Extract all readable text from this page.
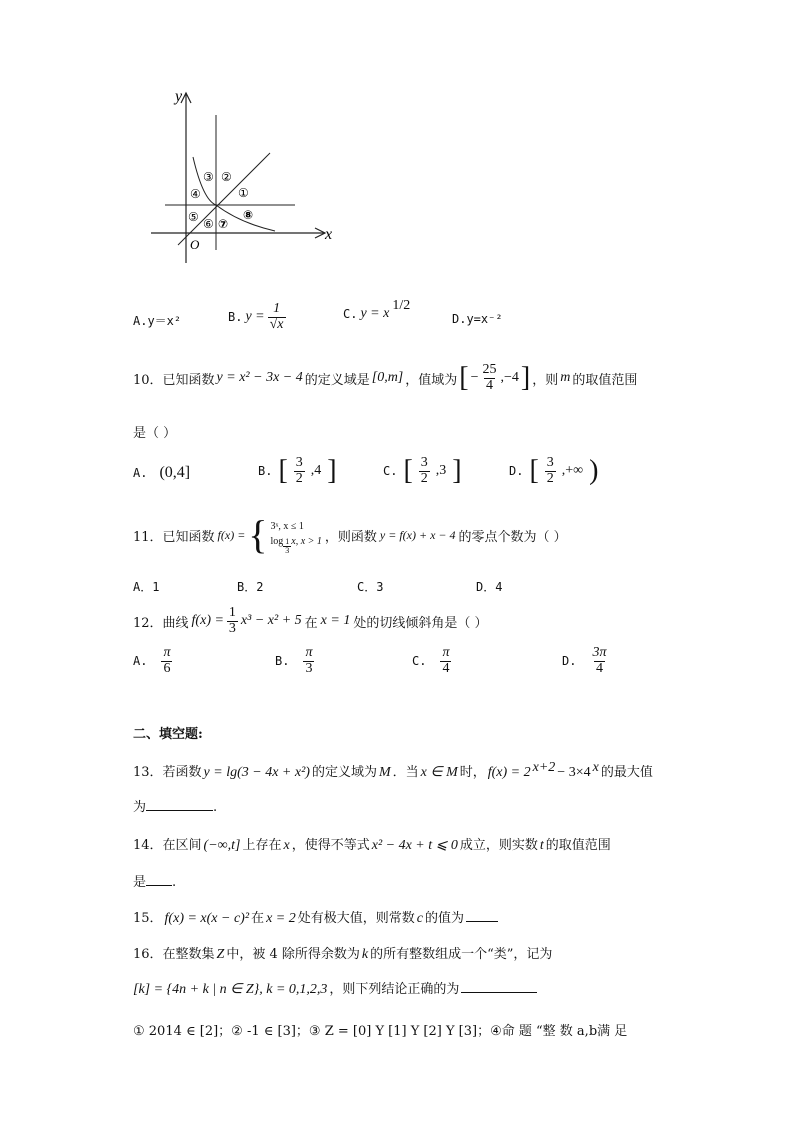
y
x
O
③ ②
④	①
⑤ ⑥ ⑦
⑧
A.y＝x²	B. $y = \frac{1}{√x}$	C. y = x
$^{1/2}$
D.y=x⁻²
10．已知函数 y = x² − 3x − 4 的定义域是 [0,m] ，值域为 [ − $\frac{25}{4} ,-4$ ] ，则 m 的取值范围
是（ ）
A. (0,4]	B. [ $\frac{3}{2} ,4$ ]	C. [ $\frac{3}{2} ,3$ ]	D. [ $\frac{3}{2}$ ,+∞ )
11．已知函数 f(x) = { 3ˣ, x ≤ 1
$\log \frac{1}{3} x$, x > 1 ，则函数 y = f(x) + x − 4 的零点个数为（ ）
A．1	B．2	C．3	D．4
12．曲线 $f(x) = \frac{1}{3} x^3 - x^2 + 5$ 在 x = 1 处的切线倾斜角是（ ）
A. $\frac{\pi}{6}$	B. $\frac{\pi}{3}$	C. $\frac{\pi}{4}$	D. $\frac{3\pi}{4}$
二、填空题:
13．若函数 y = lg(3 − 4x + x²) 的定义域为 M ．当 x ∈ M 时， $f(x) = 2^{x+2} - 3\times 4^x$ 的最大值
为	.
14．在区间 (−∞,t] 上存在 x ，使得不等式 x² − 4x + t ⩽ 0 成立，则实数 t 的取值范围
是 .
15． f(x) = x(x − c)² 在 x = 2 处有极大值，则常数 c 的值为
16．在整数集 Z 中，被 4 除所得余数为 k 的所有整数组成一个“类”，记为
[k] = {4n + k | n ∈ Z}, k = 0,1,2,3 ，则下列结论正确的为
① 2014 ∈ [2]；② -1 ∈ [3]；③ Z = [0] Y [1] Y [2] Y [3]；④命 题 “整 数 a,b满 足
